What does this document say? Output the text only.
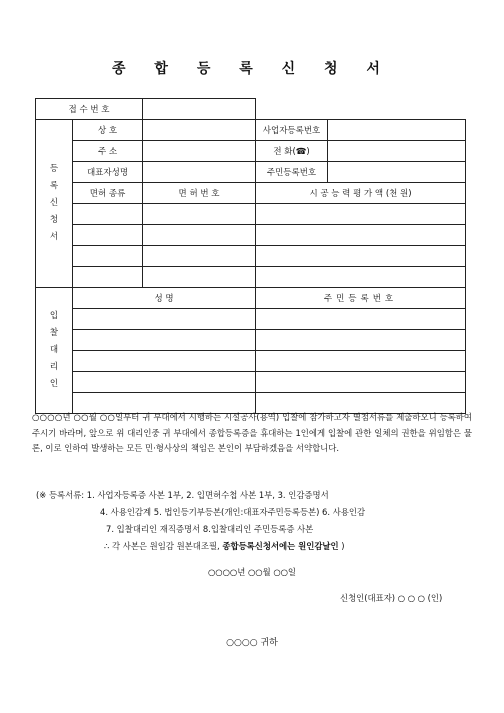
종 합 등 록 신 청 서
접 수 번 호				

등
록
신
청
서	상 호		사업자등록번호	
	주 소		전 화(☎)	
	대표자성명		주민등록번호	
	면허 종류	면 허 번 호	시 공 능 력 평 가 액 (천 원)	

입
찰
대
리
인	성 명		주민등록번호	

○○○○년 ○○월 ○○일부터 귀 부대에서 시행하는 시설공사(용역) 입찰에 참가하고자 별첨서류를 제출하오니 등록하여 주시기 바라며, 앞으로 위 대리인중 귀 부대에서 종합등록증을 휴대하는 1인에게 입찰에 관한 일체의 권한을 위임함은 물론, 이로 인하여 발생하는 모든 민·형사상의 책임은 본인이 부담하겠음을 서약합니다.
(※ 등록서류: 1. 사업자등록증 사본 1부, 2. 입면허수첩 사본 1부, 3. 인감증명서
4. 사용인감계 5. 법인등기부등본(개인:대표자주민등록등본) 6. 사용인감
7. 입찰대리인 재직증명서 8.입찰대리인 주민등록증 사본
∴ 각 사본은 원임감 원본대조필, 종합등록신청서에는 원인감날인 )
○○○○년 ○○월 ○○일
신청인(대표자) ○ ○ ○ (인)
○○○○ 귀하
